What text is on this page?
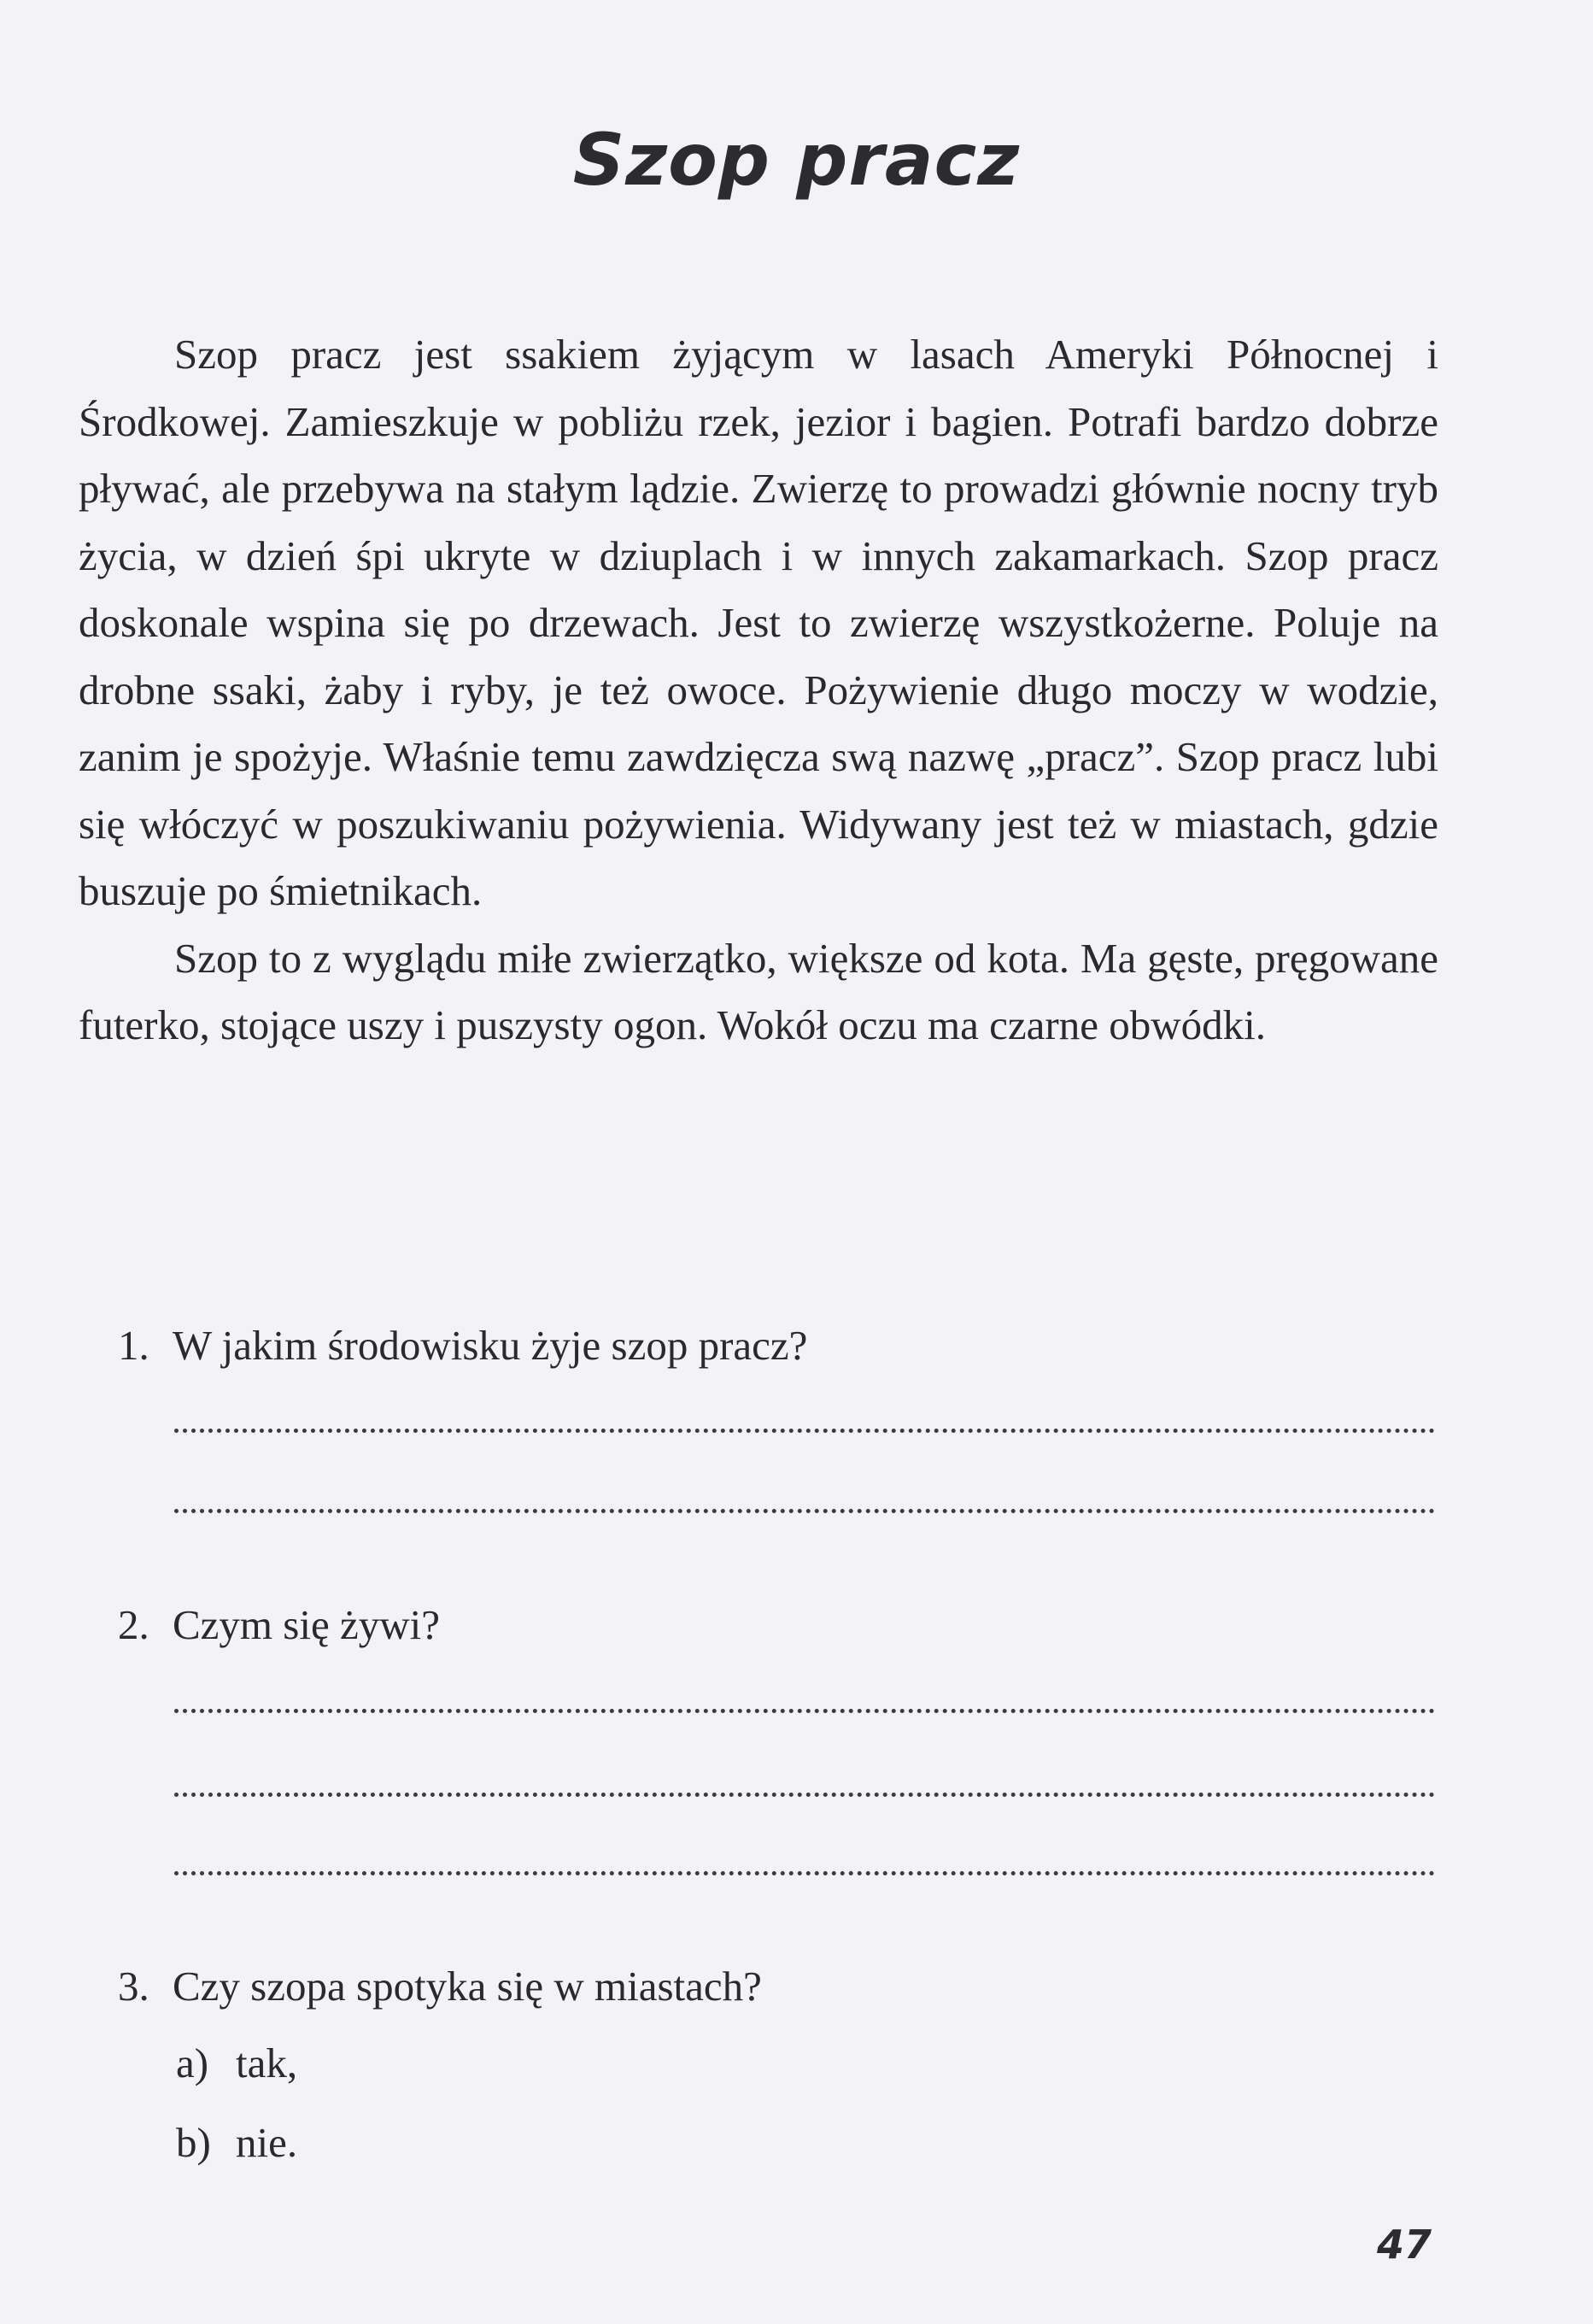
Szop pracz

Szop pracz jest ssakiem żyjącym w lasach Ameryki Północnej i Środkowej. Zamieszkuje w pobliżu rzek, jezior i bagien. Potrafi bardzo dobrze pływać, ale przebywa na stałym lądzie. Zwierzę to prowadzi głównie nocny tryb życia, w dzień śpi ukryte w dziuplach i w innych zakamarkach. Szop pracz doskonale wspina się po drzewach. Jest to zwierzę wszystkożerne. Poluje na drobne ssaki, żaby i ryby, je też owoce. Pożywienie długo moczy w wodzie, zanim je spożyje. Właśnie temu zawdzięcza swą nazwę „pracz”. Szop pracz lubi się włóczyć w poszukiwaniu pożywienia. Widywany jest też w miastach, gdzie buszuje po śmietnikach.

Szop to z wyglądu miłe zwierzątko, większe od kota. Ma gęste, pręgowane futerko, stojące uszy i puszysty ogon. Wokół oczu ma czarne obwódki.

1. W jakim środowisku żyje szop pracz?
2. Czym się żywi?
3. Czy szopa spotyka się w miastach?
a) tak,
b) nie.
47
